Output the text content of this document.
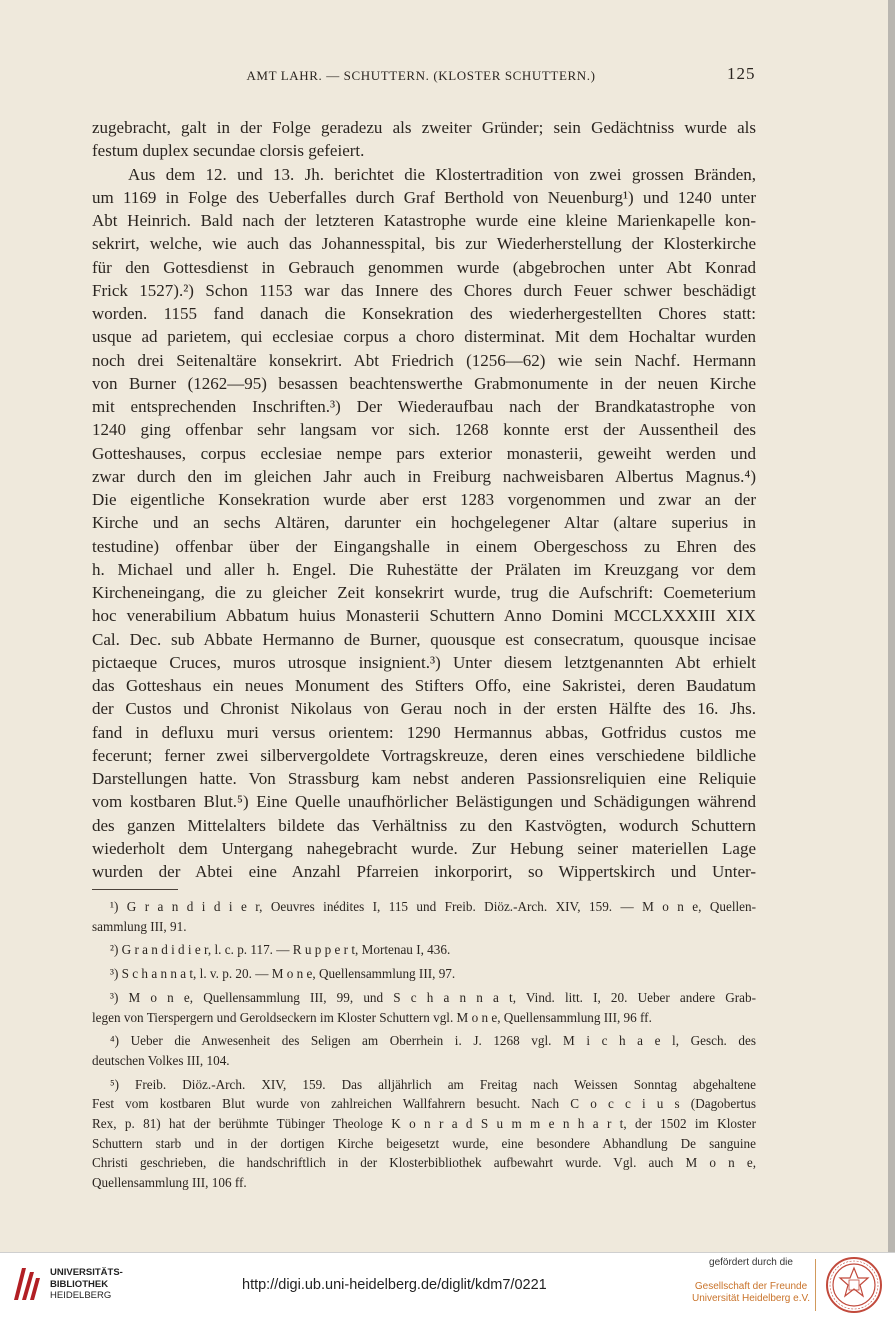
AMT LAHR. — SCHUTTERN. (KLOSTER SCHUTTERN.)	125
zugebracht, galt in der Folge geradezu als zweiter Gründer; sein Gedächtniss wurde als
festum duplex secundae clorsis gefeiert.
Aus dem 12. und 13. Jh. berichtet die Klostertradition von zwei grossen Bränden,
um 1169 in Folge des Ueberfalles durch Graf Berthold von Neuenburg¹) und 1240 unter
Abt Heinrich. Bald nach der letzteren Katastrophe wurde eine kleine Marienkapelle kon-
sekrirt, welche, wie auch das Johannesspital, bis zur Wiederherstellung der Klosterkirche
für den Gottesdienst in Gebrauch genommen wurde (abgebrochen unter Abt Konrad
Frick 1527).²) Schon 1153 war das Innere des Chores durch Feuer schwer beschädigt
worden. 1155 fand danach die Konsekration des wiederhergestellten Chores statt:
usque ad parietem, qui ecclesiae corpus a choro disterminat. Mit dem Hochaltar wurden
noch drei Seitenaltäre konsekrirt. Abt Friedrich (1256—62) wie sein Nachf. Hermann
von Burner (1262—95) besassen beachtenswerthe Grabmonumente in der neuen Kirche
mit entsprechenden Inschriften.³) Der Wiederaufbau nach der Brandkatastrophe von
1240 ging offenbar sehr langsam vor sich. 1268 konnte erst der Aussentheil des
Gotteshauses, corpus ecclesiae nempe pars exterior monasterii, geweiht werden und
zwar durch den im gleichen Jahr auch in Freiburg nachweisbaren Albertus Magnus.⁴)
Die eigentliche Konsekration wurde aber erst 1283 vorgenommen und zwar an der
Kirche und an sechs Altären, darunter ein hochgelegener Altar (altare superius in
testudine) offenbar über der Eingangshalle in einem Obergeschoss zu Ehren des
h. Michael und aller h. Engel. Die Ruhestätte der Prälaten im Kreuzgang vor dem
Kircheneingang, die zu gleicher Zeit konsekrirt wurde, trug die Aufschrift: Coemeterium
hoc venerabilium Abbatum huius Monasterii Schuttern Anno Domini MCCLXXXIII XIX
Cal. Dec. sub Abbate Hermanno de Burner, quousque est consecratum, quousque incisae
pictaeque Cruces, muros utrosque insignient.³) Unter diesem letztgenannten Abt erhielt
das Gotteshaus ein neues Monument des Stifters Offo, eine Sakristei, deren Baudatum
der Custos und Chronist Nikolaus von Gerau noch in der ersten Hälfte des 16. Jhs.
fand in defluxu muri versus orientem: 1290 Hermannus abbas, Gotfridus custos me
fecerunt; ferner zwei silbervergoldete Vortragskreuze, deren eines verschiedene bildliche
Darstellungen hatte. Von Strassburg kam nebst anderen Passionsreliquien eine Reliquie
vom kostbaren Blut.⁵) Eine Quelle unaufhörlicher Belästigungen und Schädigungen während
des ganzen Mittelalters bildete das Verhältniss zu den Kastvögten, wodurch Schuttern
wiederholt dem Untergang nahegebracht wurde. Zur Hebung seiner materiellen Lage
wurden der Abtei eine Anzahl Pfarreien inkorporirt, so Wippertskirch und Unter-
¹) G r a n d i d i e r, Oeuvres inédites I, 115 und Freib. Diöz.-Arch. XIV, 159. — M o n e, Quellen-
sammlung III, 91.
²) G r a n d i d i e r, l. c. p. 117. — R u p p e r t, Mortenau I, 436.
³) S c h a n n a t, l. v. p. 20. — M o n e, Quellensammlung III, 97.
³) M o n e, Quellensammlung III, 99, und S c h a n n a t, Vind. litt. I, 20. Ueber andere Grab-
legen von Tierspergern und Geroldseckern im Kloster Schuttern vgl. M o n e, Quellensammlung III, 96 ff.
⁴) Ueber die Anwesenheit des Seligen am Oberrhein i. J. 1268 vgl. M i c h a e l, Gesch. des
deutschen Volkes III, 104.
⁵) Freib. Diöz.-Arch. XIV, 159. Das alljährlich am Freitag nach Weissen Sonntag abgehaltene
Fest vom kostbaren Blut wurde von zahlreichen Wallfahrern besucht. Nach C o c c i u s (Dagobertus
Rex, p. 81) hat der berühmte Tübinger Theologe K o n r a d S u m m e n h a r t, der 1502 im Kloster
Schuttern starb und in der dortigen Kirche beigesetzt wurde, eine besondere Abhandlung De sanguine
Christi geschrieben, die handschriftlich in der Klosterbibliothek aufbewahrt wurde. Vgl. auch M o n e,
Quellensammlung III, 106 ff.
UNIVERSITÄTS-
BIBLIOTHEK
HEIDELBERG
http://digi.ub.uni-heidelberg.de/diglit/kdm7/0221
gefördert durch die
Gesellschaft der Freunde
Universität Heidelberg e.V.
